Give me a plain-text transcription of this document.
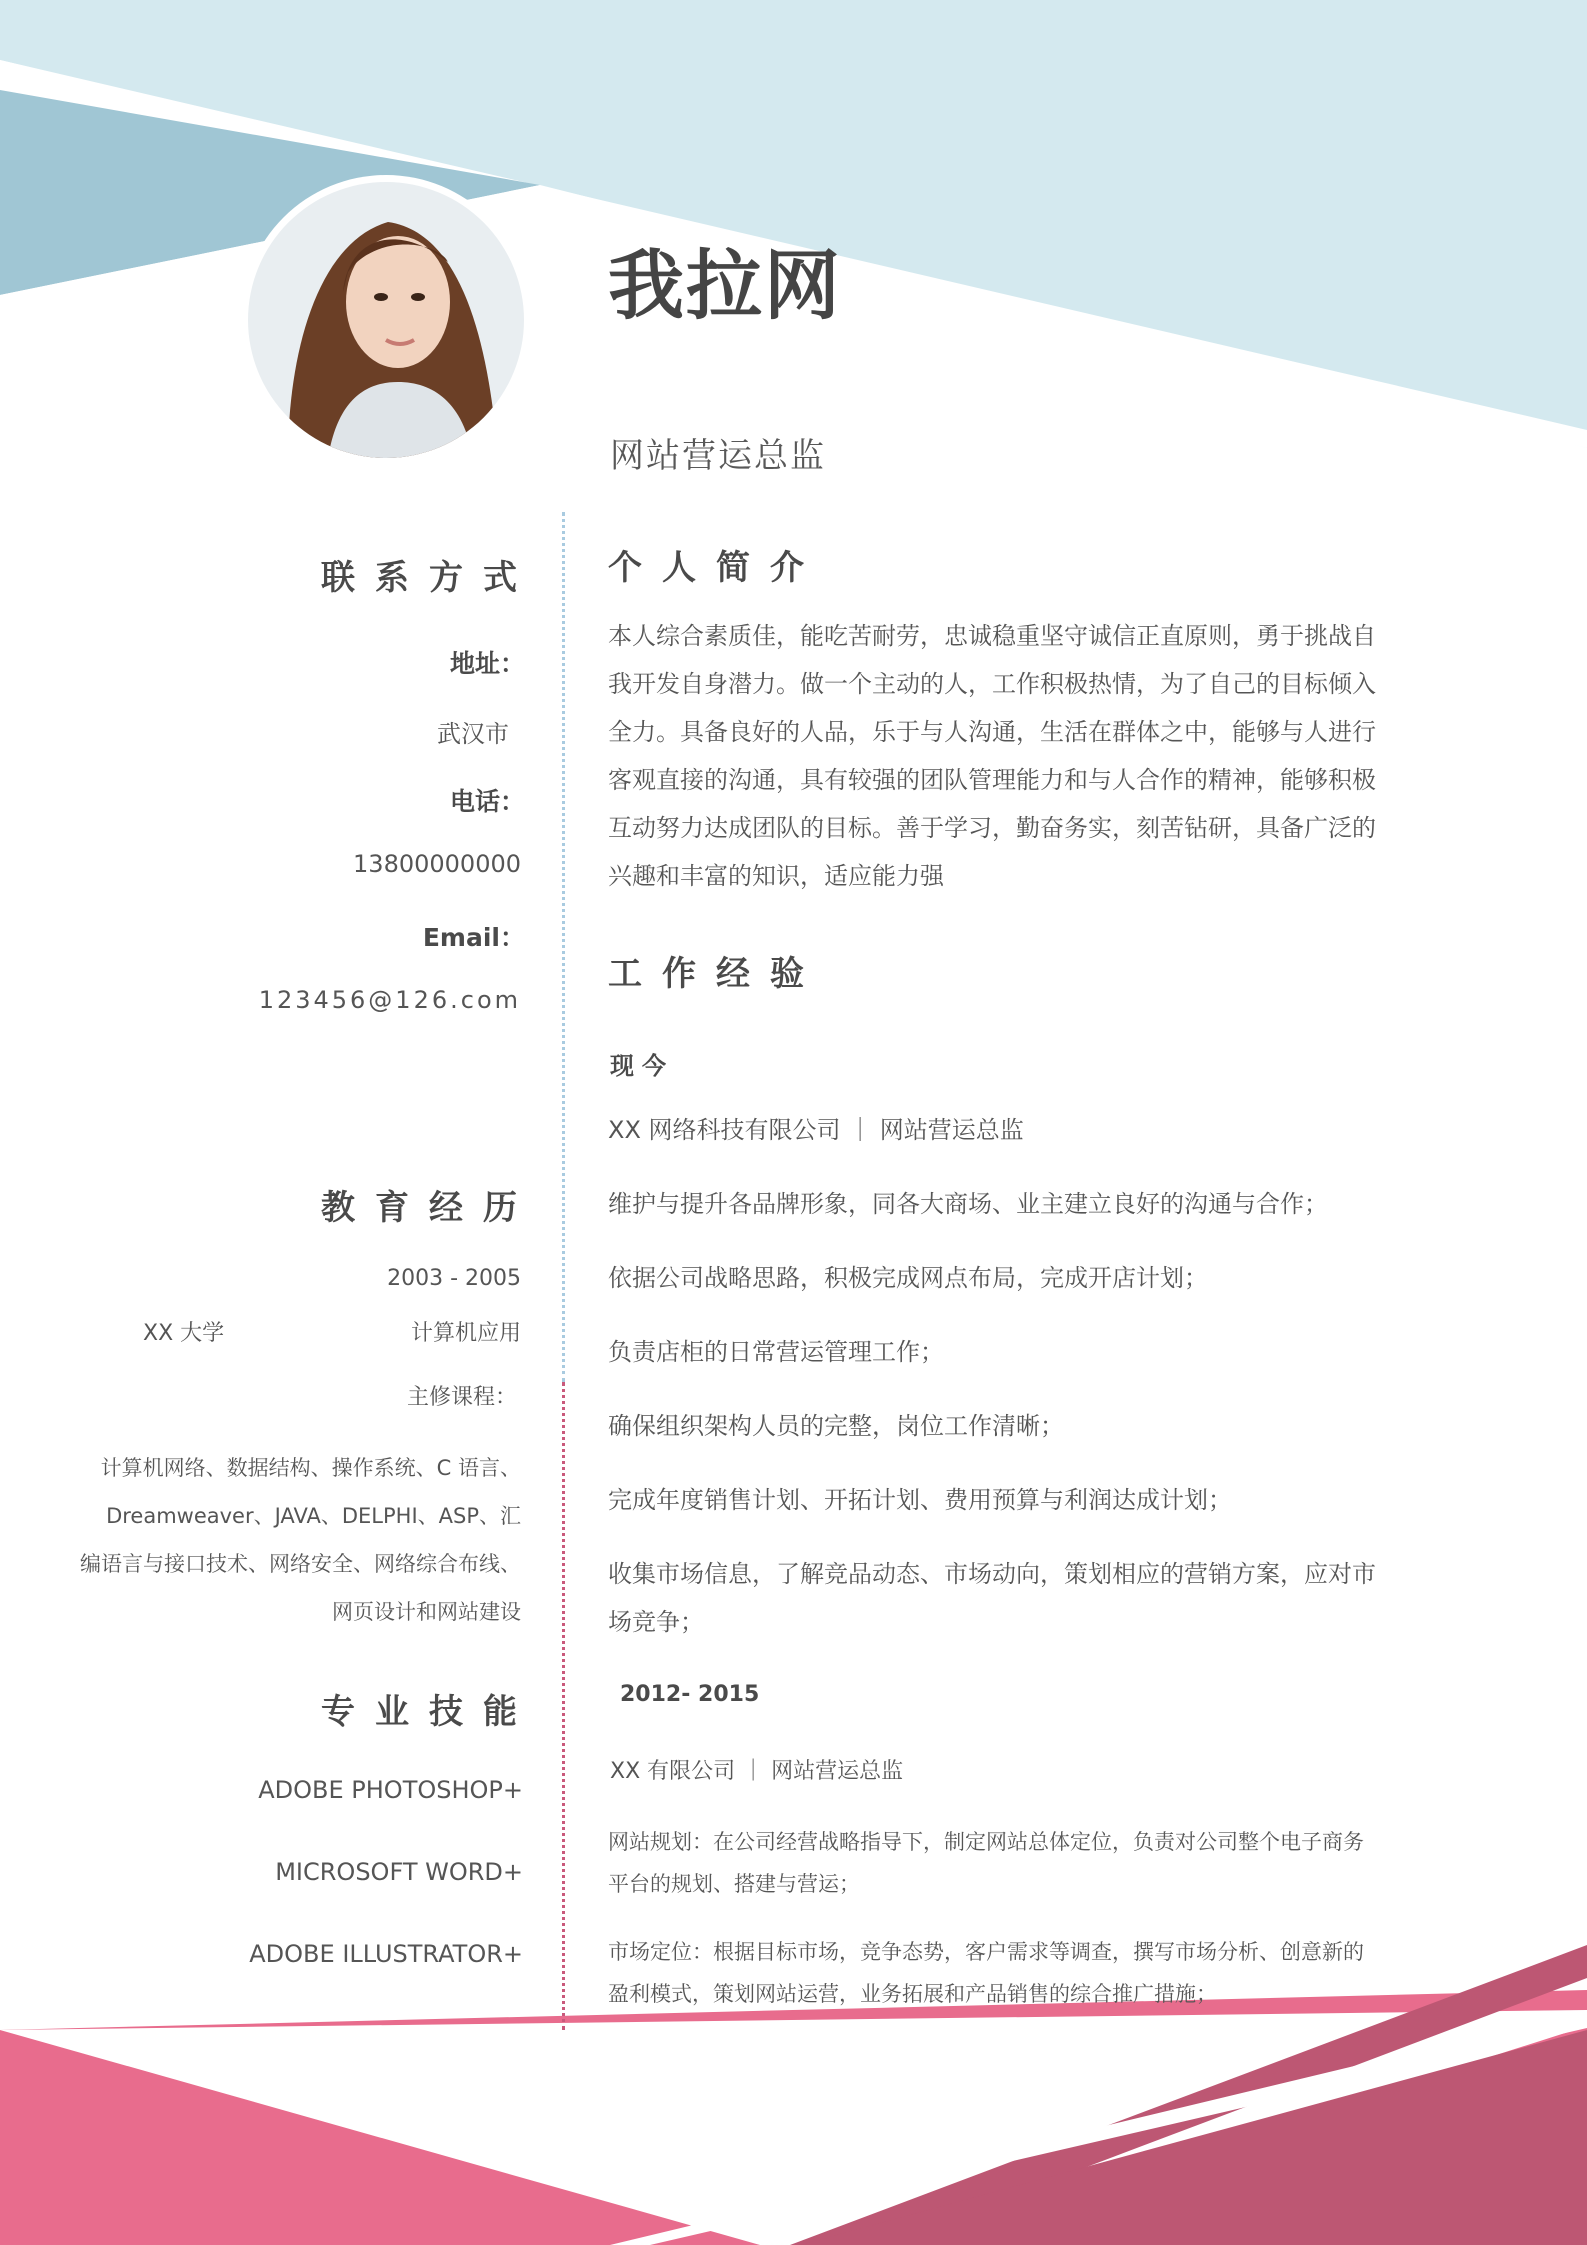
我拉网
网站营运总监
联系方式
地址：
武汉市
电话：
13800000000
Email：
123456@126.com
教育经历
2003 - 2005
XX 大学	计算机应用
主修课程：
计算机网络、数据结构、操作系统、C 语言、
Dreamweaver、JAVA、DELPHI、ASP、汇
编语言与接口技术、网络安全、网络综合布线、
网页设计和网站建设
专业技能
ADOBE PHOTOSHOP+
MICROSOFT WORD+
ADOBE ILLUSTRATOR+
个人简介
本人综合素质佳，能吃苦耐劳，忠诚稳重坚守诚信正直原则，勇于挑战自
我开发自身潜力。做一个主动的人，工作积极热情，为了自己的目标倾入
全力。具备良好的人品，乐于与人沟通，生活在群体之中，能够与人进行
客观直接的沟通，具有较强的团队管理能力和与人合作的精神，能够积极
互动努力达成团队的目标。善于学习，勤奋务实，刻苦钻研，具备广泛的
兴趣和丰富的知识，适应能力强
工作经验
现今
XX 网络科技有限公司 ｜ 网站营运总监
维护与提升各品牌形象，同各大商场、业主建立良好的沟通与合作；
依据公司战略思路，积极完成网点布局，完成开店计划；
负责店柜的日常营运管理工作；
确保组织架构人员的完整，岗位工作清晰；
完成年度销售计划、开拓计划、费用预算与利润达成计划；
收集市场信息，了解竞品动态、市场动向，策划相应的营销方案，应对市
场竞争；
2012- 2015
XX 有限公司 ｜ 网站营运总监
网站规划：在公司经营战略指导下，制定网站总体定位，负责对公司整个电子商务
平台的规划、搭建与营运；
市场定位：根据目标市场，竞争态势，客户需求等调查，撰写市场分析、创意新的
盈利模式，策划网站运营，业务拓展和产品销售的综合推广措施；
